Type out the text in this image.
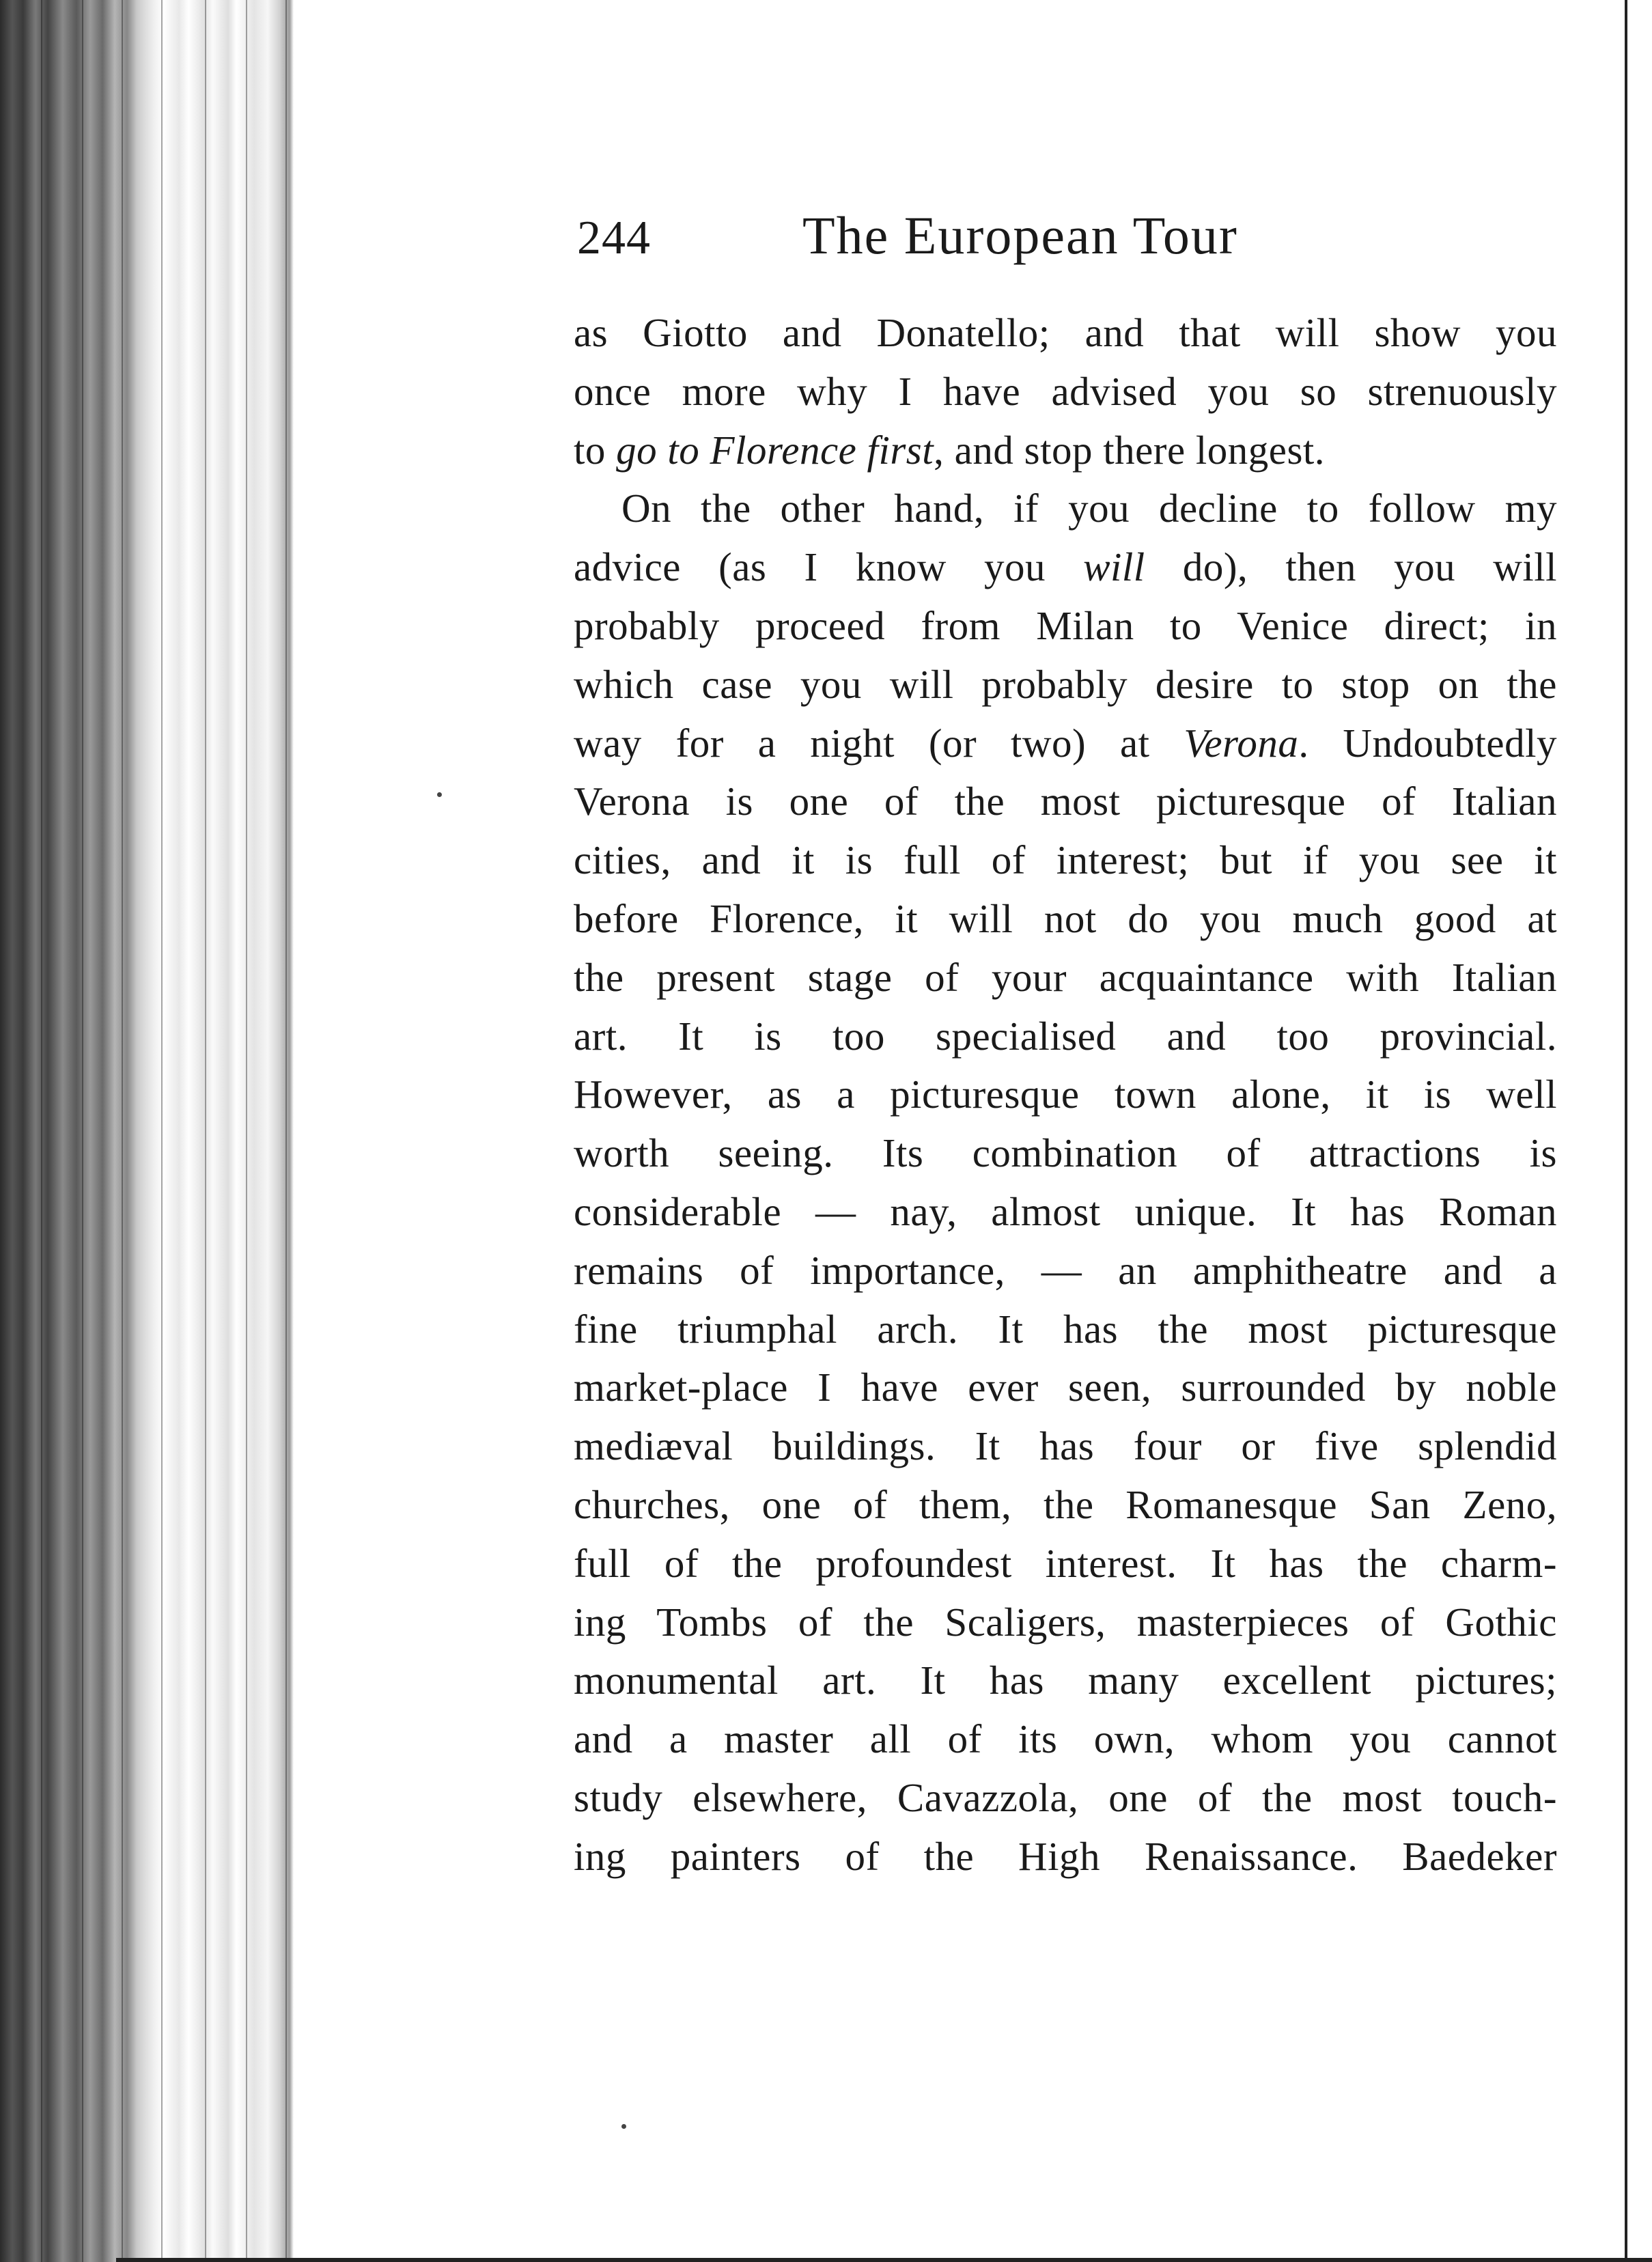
244	The European Tour
as Giotto and Donatello; and that will show you
once more why I have advised you so strenuously
to go to Florence first, and stop there longest.
On the other hand, if you decline to follow my
advice (as I know you will do), then you will
probably proceed from Milan to Venice direct; in
which case you will probably desire to stop on the
way for a night (or two) at Verona. Undoubtedly
Verona is one of the most picturesque of Italian
cities, and it is full of interest; but if you see it
before Florence, it will not do you much good at
the present stage of your acquaintance with Italian
art. It is too specialised and too provincial.
However, as a picturesque town alone, it is well
worth seeing. Its combination of attractions is
considerable — nay, almost unique. It has Roman
remains of importance, — an amphitheatre and a
fine triumphal arch. It has the most picturesque
market-place I have ever seen, surrounded by noble
mediæval buildings. It has four or five splendid
churches, one of them, the Romanesque San Zeno,
full of the profoundest interest. It has the charm-
ing Tombs of the Scaligers, masterpieces of Gothic
monumental art. It has many excellent pictures;
and a master all of its own, whom you cannot
study elsewhere, Cavazzola, one of the most touch-
ing painters of the High Renaissance. Baedeker
